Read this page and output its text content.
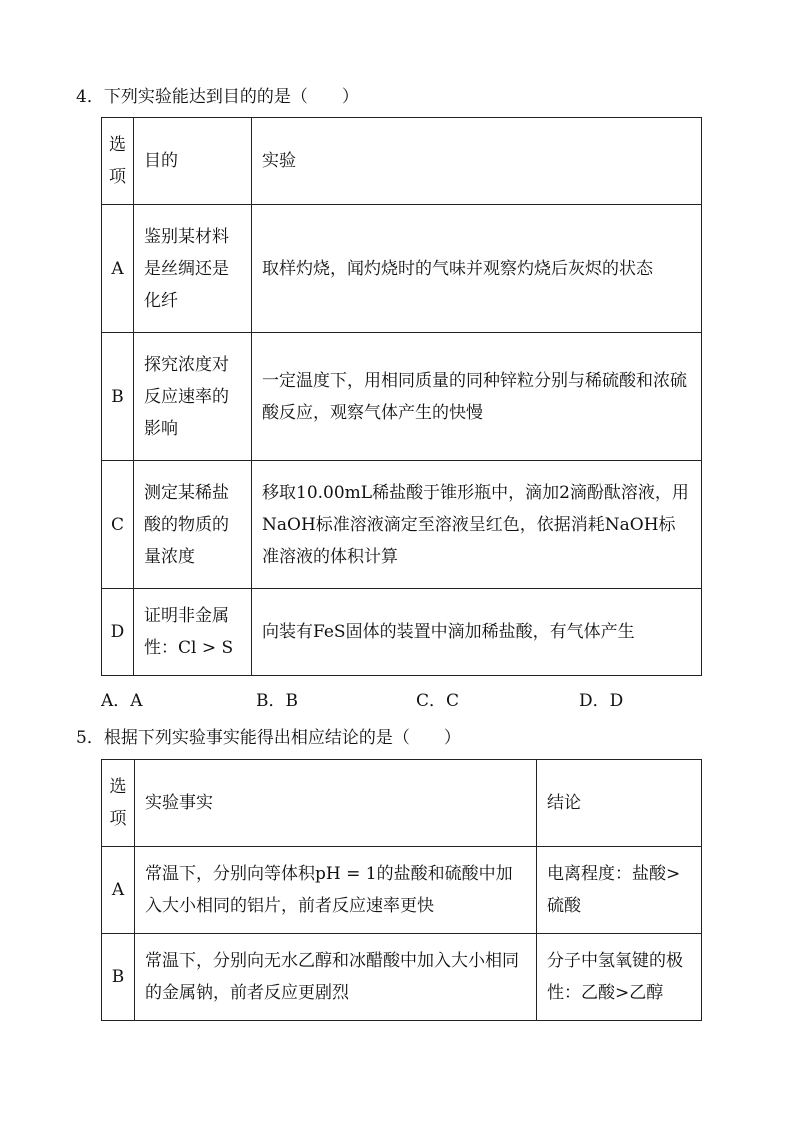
4．下列实验能达到目的的是（　　）

选项	目的	实验
A	鉴别某材料是丝绸还是化纤	取样灼烧，闻灼烧时的气味并观察灼烧后灰烬的状态
B	探究浓度对反应速率的影响	一定温度下，用相同质量的同种锌粒分别与稀硫酸和浓硫酸反应，观察气体产生的快慢
C	测定某稀盐酸的物质的量浓度	移取10.00mL稀盐酸于锥形瓶中，滴加2滴酚酞溶液，用NaOH标准溶液滴定至溶液呈红色，依据消耗NaOH标准溶液的体积计算
D	证明非金属性：Cl > S	向装有FeS固体的装置中滴加稀盐酸，有气体产生
A．A	B．B	C．C	D．D

5．根据下列实验事实能得出相应结论的是（　　）

选项	实验事实	结论
A	常温下，分别向等体积pH = 1的盐酸和硫酸中加入大小相同的铝片，前者反应速率更快	电离程度：盐酸>硫酸
B	常温下，分别向无水乙醇和冰醋酸中加入大小相同的金属钠，前者反应更剧烈	分子中氢氧键的极性：乙酸>乙醇
